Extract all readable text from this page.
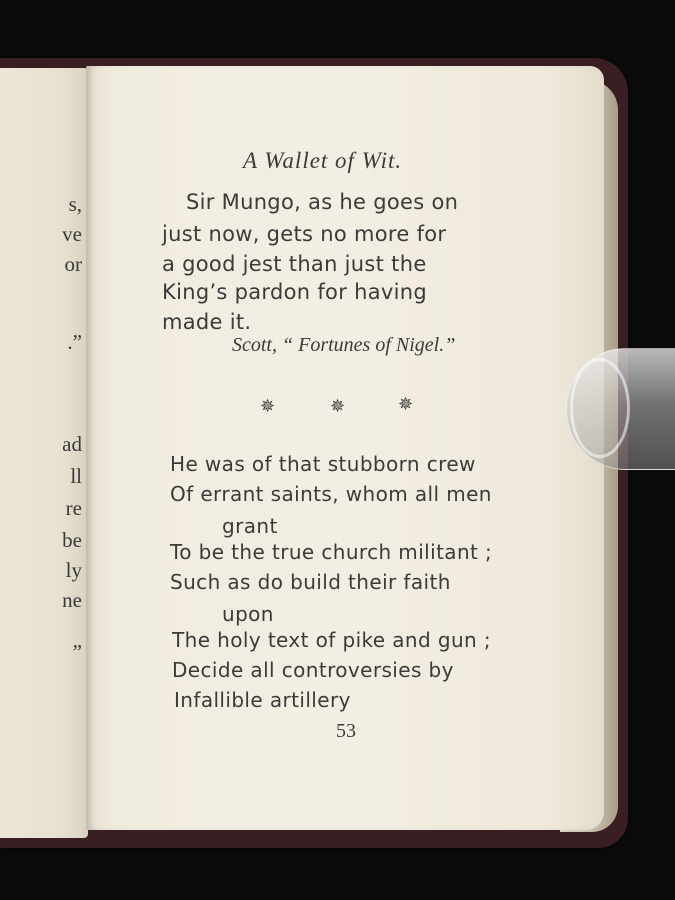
s,
ve
or
.”
ad
ll
re
be
ly
ne
”
A Wallet of Wit.
Sir Mungo, as he goes on
just now, gets no more for
a good jest than just the
King’s pardon for having
made it.
Scott, “ Fortunes of Nigel.”
✵	✵	✵
He was of that stubborn crew
Of errant saints, whom all men
grant
To be the true church militant ;
Such as do build their faith
upon
The holy text of pike and gun ;
Decide all controversies by
Infallible artillery
53
